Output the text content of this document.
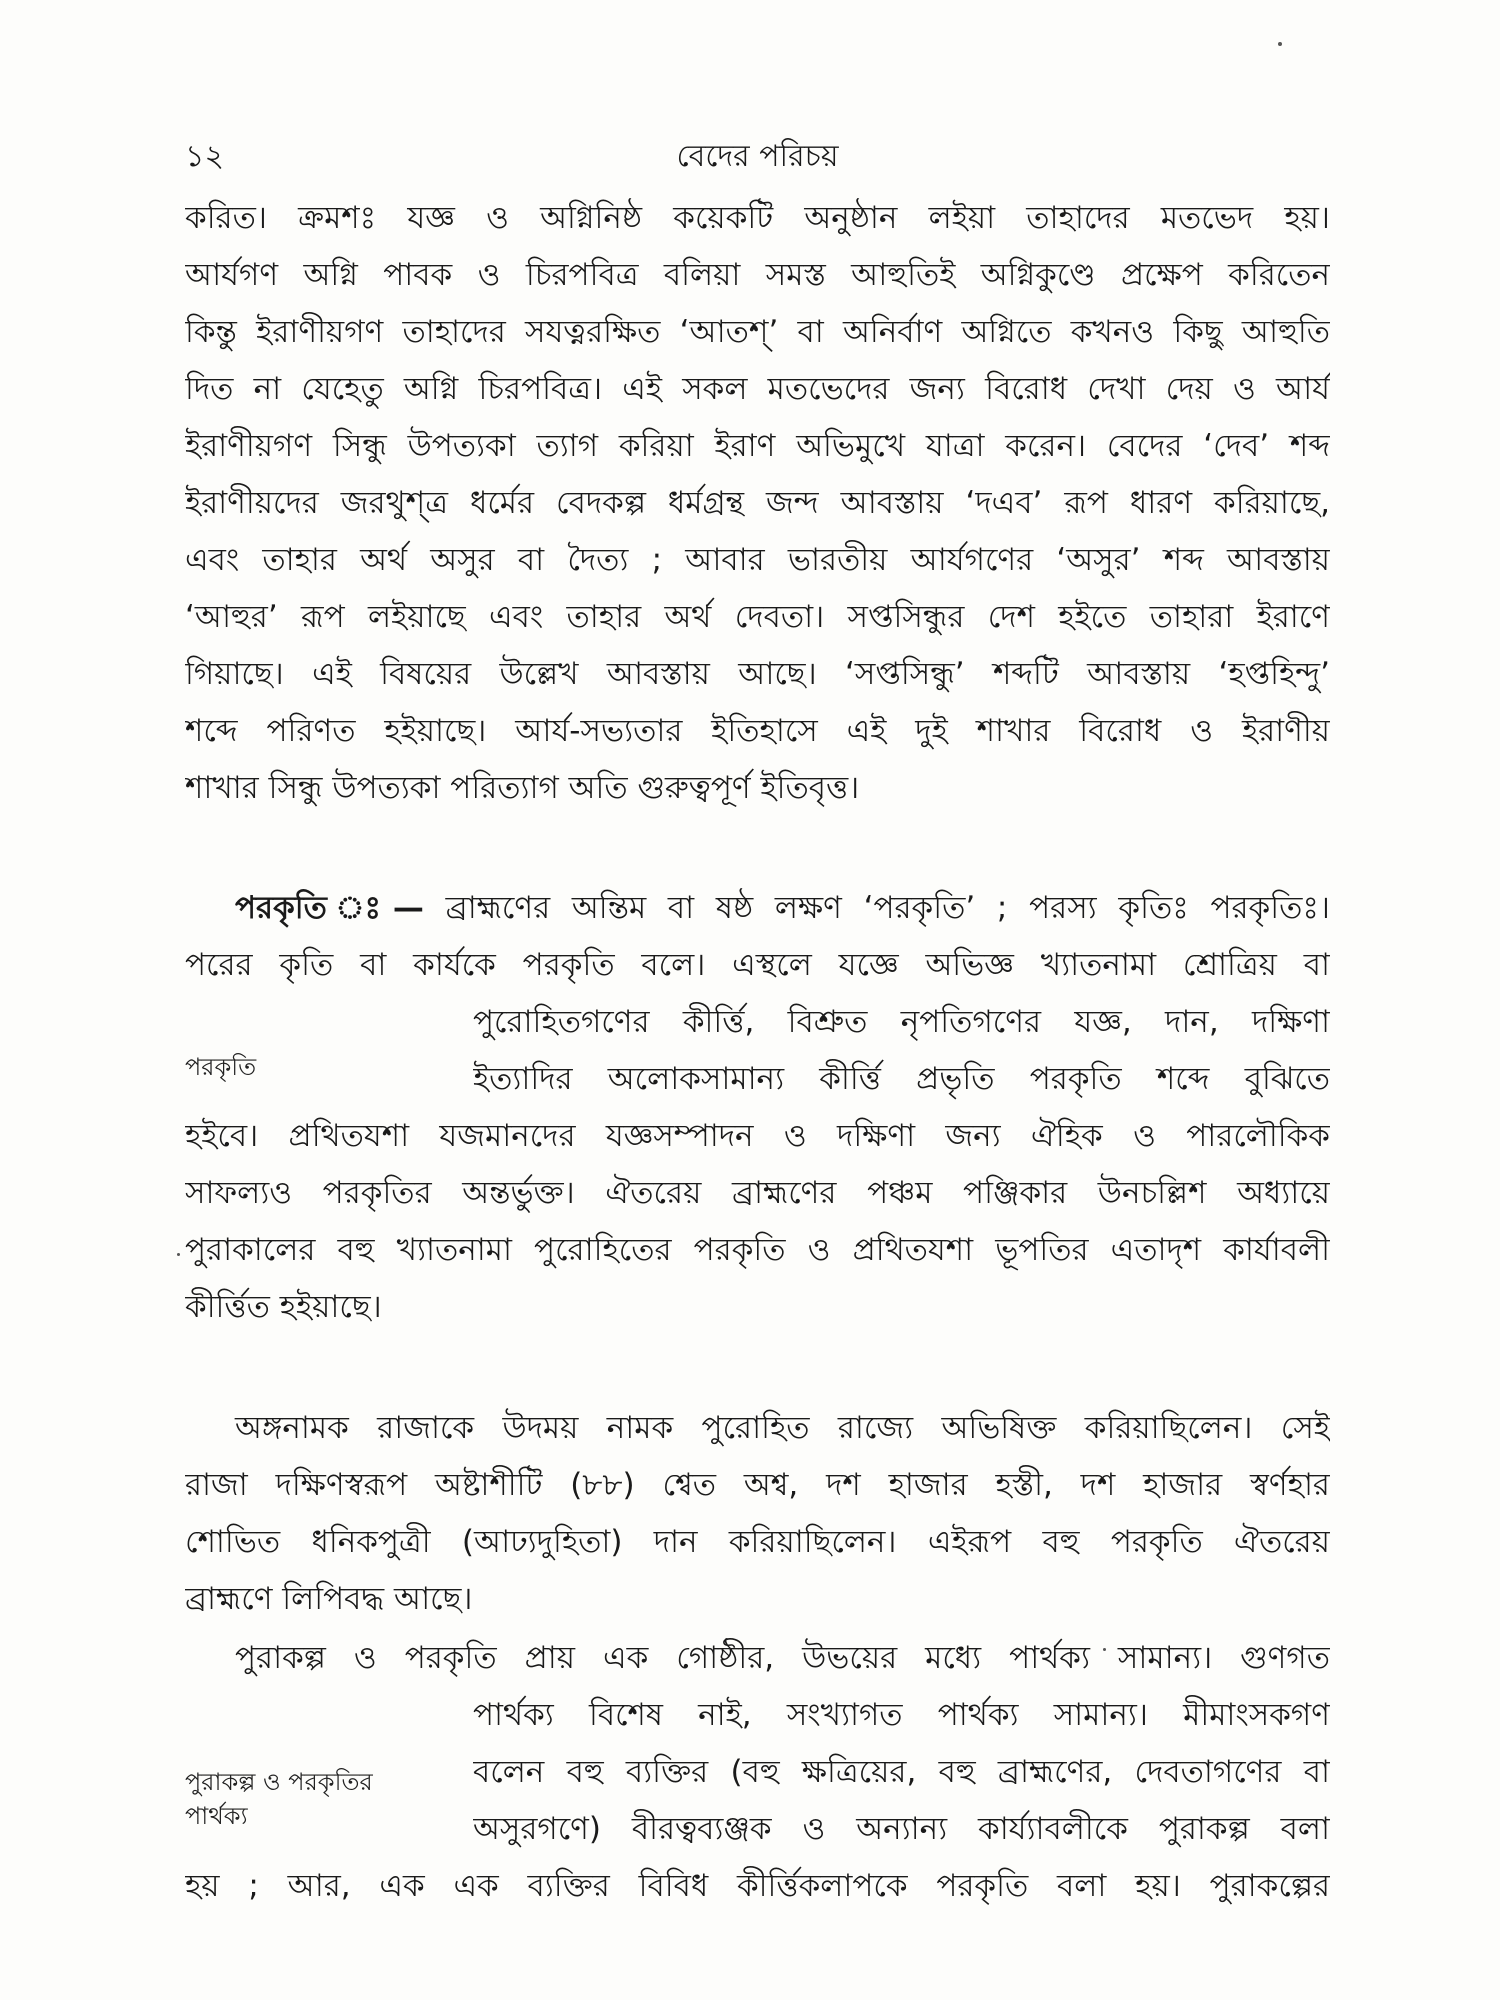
১২	বেদের পরিচয়
করিত। ক্রমশঃ যজ্ঞ ও অগ্নিনিষ্ঠ কয়েকটি অনুষ্ঠান লইয়া তাহাদের মতভেদ হয়।
আর্যগণ অগ্নি পাবক ও চিরপবিত্র বলিয়া সমস্ত আহুতিই অগ্নিকুণ্ডে প্রক্ষেপ করিতেন
কিন্তু ইরাণীয়গণ তাহাদের সযত্নরক্ষিত ‘আতশ্’ বা অনির্বাণ অগ্নিতে কখনও কিছু আহুতি
দিত না যেহেতু অগ্নি চিরপবিত্র। এই সকল মতভেদের জন্য বিরোধ দেখা দেয় ও আর্য
ইরাণীয়গণ সিন্ধু উপত্যকা ত্যাগ করিয়া ইরাণ অভিমুখে যাত্রা করেন। বেদের ‘দেব’ শব্দ
ইরাণীয়দের জরথুশ্ত্র ধর্মের বেদকল্প ধর্মগ্রন্থ জন্দ আবস্তায় ‘দএব’ রূপ ধারণ করিয়াছে,
এবং তাহার অর্থ অসুর বা দৈত্য ; আবার ভারতীয় আর্যগণের ‘অসুর’ শব্দ আবস্তায়
‘আহুর’ রূপ লইয়াছে এবং তাহার অর্থ দেবতা। সপ্তসিন্ধুর দেশ হইতে তাহারা ইরাণে
গিয়াছে। এই বিষয়ের উল্লেখ আবস্তায় আছে। ‘সপ্তসিন্ধু’ শব্দটি আবস্তায় ‘হপ্তহিন্দু’
শব্দে পরিণত হইয়াছে। আর্য-সভ্যতার ইতিহাসে এই দুই শাখার বিরোধ ও ইরাণীয়
শাখার সিন্ধু উপত্যকা পরিত্যাগ অতি গুরুত্বপূর্ণ ইতিবৃত্ত।
পরকৃতি ঃ— ব্রাহ্মণের অন্তিম বা ষষ্ঠ লক্ষণ ‘পরকৃতি’ ; পরস্য কৃতিঃ পরকৃতিঃ।
পরের কৃতি বা কার্যকে পরকৃতি বলে। এস্থলে যজ্ঞে অভিজ্ঞ খ্যাতনামা শ্রোত্রিয় বা
পুরোহিতগণের কীর্ত্তি, বিশ্রুত নৃপতিগণের যজ্ঞ, দান, দক্ষিণা
ইত্যাদির অলোকসামান্য কীর্ত্তি প্রভৃতি পরকৃতি শব্দে বুঝিতে
হইবে। প্রথিতযশা যজমানদের যজ্ঞসম্পাদন ও দক্ষিণা জন্য ঐহিক ও পারলৌকিক
সাফল্যও পরকৃতির অন্তর্ভুক্ত। ঐতরেয় ব্রাহ্মণের পঞ্চম পঞ্জিকার উনচল্লিশ অধ্যায়ে
পুরাকালের বহু খ্যাতনামা পুরোহিতের পরকৃতি ও প্রথিতযশা ভূপতির এতাদৃশ কার্যাবলী
কীর্ত্তিত হইয়াছে।
পরকৃতি
অঙ্গনামক রাজাকে উদময় নামক পুরোহিত রাজ্যে অভিষিক্ত করিয়াছিলেন। সেই
রাজা দক্ষিণস্বরূপ অষ্টাশীটি (৮৮) শ্বেত অশ্ব, দশ হাজার হস্তী, দশ হাজার স্বর্ণহার
শোভিত ধনিকপুত্রী (আঢ্যদুহিতা) দান করিয়াছিলেন। এইরূপ বহু পরকৃতি ঐতরেয়
ব্রাহ্মণে লিপিবদ্ধ আছে।
পুরাকল্প ও পরকৃতি প্রায় এক গোষ্ঠীর, উভয়ের মধ্যে পার্থক্য সামান্য। গুণগত
পার্থক্য বিশেষ নাই, সংখ্যাগত পার্থক্য সামান্য। মীমাংসকগণ
বলেন বহু ব্যক্তির (বহু ক্ষত্রিয়ের, বহু ব্রাহ্মণের, দেবতাগণের বা
অসুরগণে) বীরত্বব্যঞ্জক ও অন্যান্য কার্য্যাবলীকে পুরাকল্প বলা
হয় ; আর, এক এক ব্যক্তির বিবিধ কীর্ত্তিকলাপকে পরকৃতি বলা হয়। পুরাকল্পের
পুরাকল্প ও পরকৃতির
পার্থক্য
